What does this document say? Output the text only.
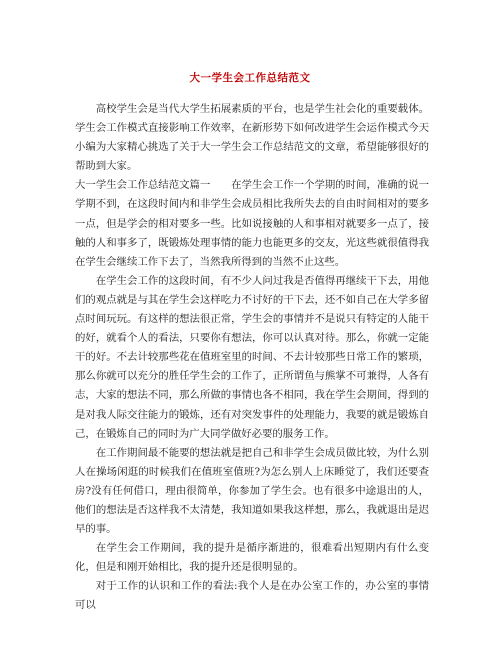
大一学生会工作总结范文

高校学生会是当代大学生拓展素质的平台，也是学生社会化的重要载体。学生会工作模式直接影响工作效率，在新形势下如何改进学生会运作模式今天小编为大家精心挑选了关于大一学生会工作总结范文的文章，希望能够很好的帮助到大家。

大一学生会工作总结范文篇一　　在学生会工作一个学期的时间，准确的说一学期不到，在这段时间内和非学生会成员相比我所失去的自由时间相对的要多一点，但是学会的相对要多一些。比如说接触的人和事相对就要多一点了，接触的人和事多了，既锻炼处理事情的能力也能更多的交友，光这些就很值得我在学生会继续工作下去了，当然我所得到的当然不止这些。

在学生会工作的这段时间，有不少人问过我是否值得再继续干下去，用他们的观点就是与其在学生会这样吃力不讨好的干下去，还不如自己在大学多留点时间玩玩。有这样的想法很正常，学生会的事情并不是说只有特定的人能干的好，就看个人的看法，只要你有想法，你可以认真对待。那么，你就一定能干的好。不去计较那些花在值班室里的时间、不去计较那些日常工作的繁琐，那么你就可以充分的胜任学生会的工作了，正所谓鱼与熊掌不可兼得，人各有志，大家的想法不同，那么所做的事情也各不相同，我在学生会期间，得到的是对我人际交往能力的锻炼，还有对突发事件的处理能力，我要的就是锻炼自己，在锻炼自己的同时为广大同学做好必要的服务工作。

在工作期间最不能要的想法就是把自己和非学生会成员做比较，为什么别人在操场闲逛的时候我们在值班室值班?为怎么别人上床睡觉了，我们还要查房?没有任何借口，理由很简单，你参加了学生会。也有很多中途退出的人，他们的想法是否这样我不太清楚，我知道如果我这样想，那么，我就退出是迟早的事。

在学生会工作期间，我的提升是循序渐进的，很难看出短期内有什么变化，但是和刚开始相比，我的提升还是很明显的。

对于工作的认识和工作的看法:我个人是在办公室工作的，办公室的事情可以
